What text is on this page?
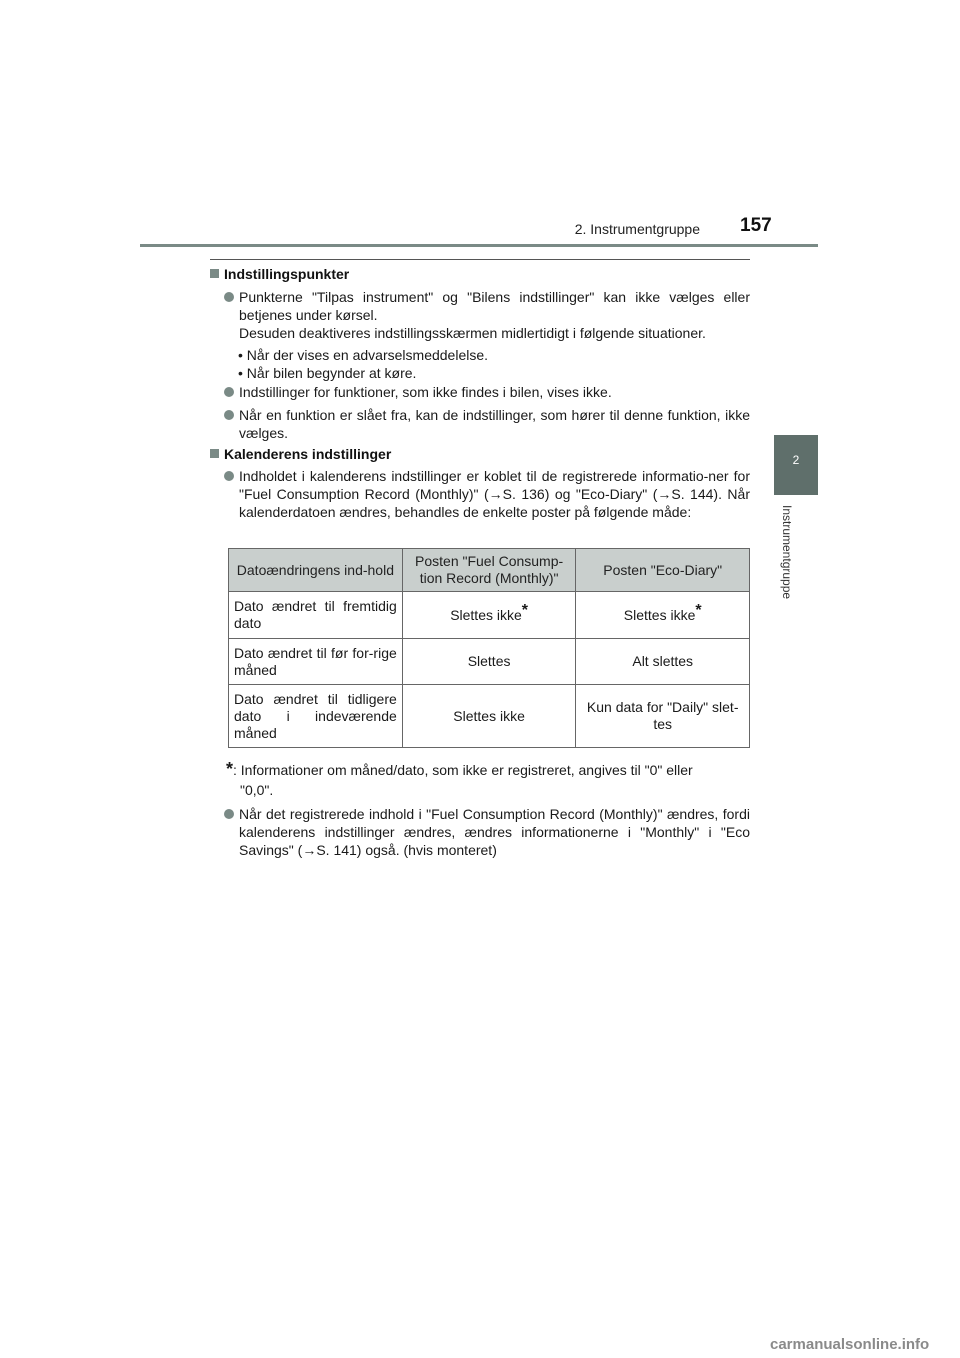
2. Instrumentgruppe 157
2
Instrumentgruppe
Indstillingspunkter
Punkterne "Tilpas instrument" og "Bilens indstillinger" kan ikke vælges eller betjenes under kørsel.
Desuden deaktiveres indstillingsskærmen midlertidigt i følgende situationer.
• Når der vises en advarselsmeddelelse.
• Når bilen begynder at køre.
Indstillinger for funktioner, som ikke findes i bilen, vises ikke.
Når en funktion er slået fra, kan de indstillinger, som hører til denne funktion, ikke vælges.
Kalenderens indstillinger
Indholdet i kalenderens indstillinger er koblet til de registrerede informatio-ner for "Fuel Consumption Record (Monthly)" (→S. 136) og "Eco-Diary" (→S. 144). Når kalenderdatoen ændres, behandles de enkelte poster på følgende måde:
Datoændringens ind-hold	Posten "Fuel Consump-tion Record (Monthly)"	Posten "Eco-Diary"
Dato ændret til fremtidig dato	Slettes ikke*	Slettes ikke*
Dato ændret til før for-rige måned	Slettes	Alt slettes
Dato ændret til tidligere dato i indeværende måned	Slettes ikke	Kun data for "Daily" slet-tes
*: Informationer om måned/dato, som ikke er registreret, angives til "0" eller
"0,0".
Når det registrerede indhold i "Fuel Consumption Record (Monthly)" ændres, fordi kalenderens indstillinger ændres, ændres informationerne i "Monthly" i "Eco Savings" (→S. 141) også. (hvis monteret)
carmanualsonline.info
